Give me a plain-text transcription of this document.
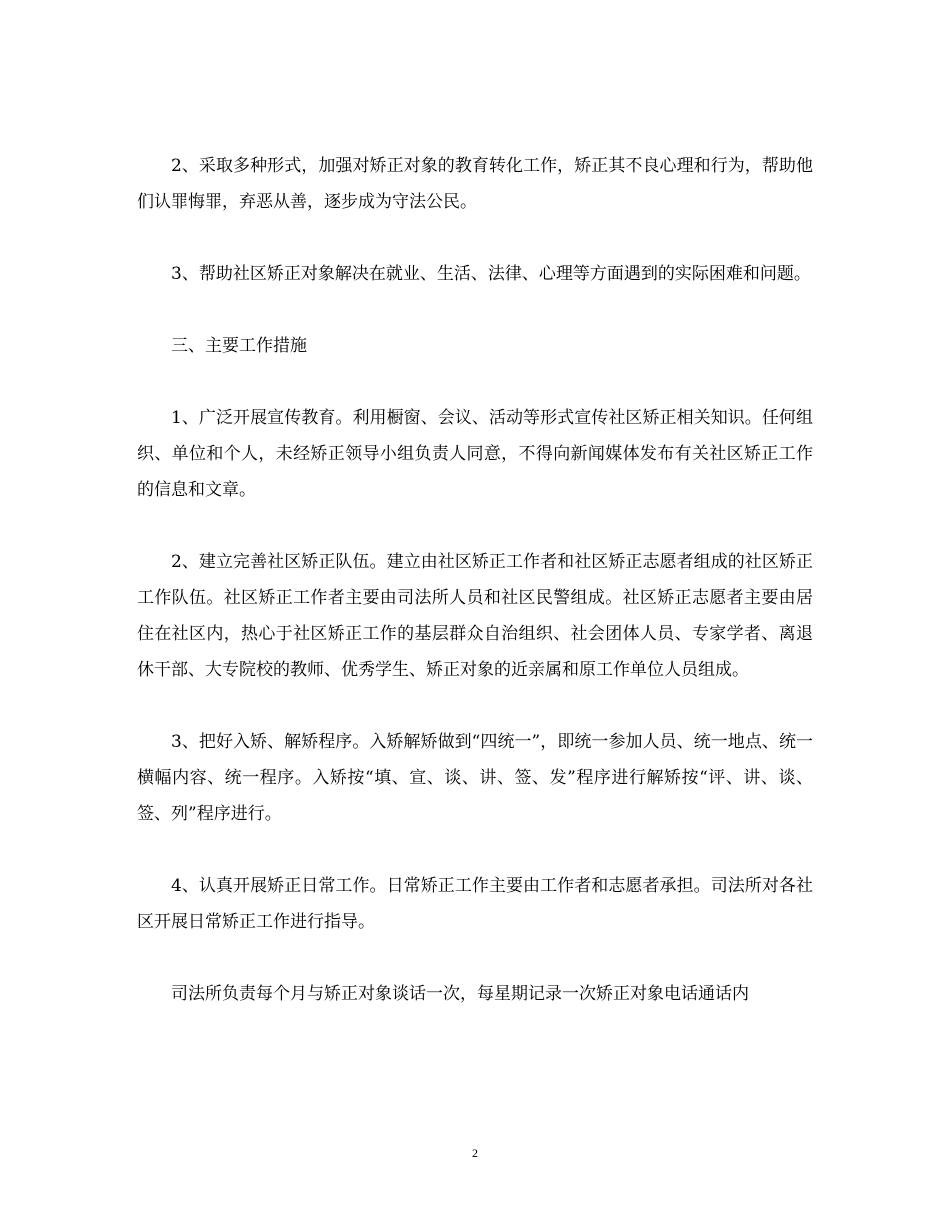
2、采取多种形式，加强对矫正对象的教育转化工作，矫正其不良心理和行为，帮助他们认罪悔罪，弃恶从善，逐步成为守法公民。

3、帮助社区矫正对象解决在就业、生活、法律、心理等方面遇到的实际困难和问题。

三、主要工作措施

1、广泛开展宣传教育。利用橱窗、会议、活动等形式宣传社区矫正相关知识。任何组织、单位和个人，未经矫正领导小组负责人同意，不得向新闻媒体发布有关社区矫正工作的信息和文章。

2、建立完善社区矫正队伍。建立由社区矫正工作者和社区矫正志愿者组成的社区矫正工作队伍。社区矫正工作者主要由司法所人员和社区民警组成。社区矫正志愿者主要由居住在社区内，热心于社区矫正工作的基层群众自治组织、社会团体人员、专家学者、离退休干部、大专院校的教师、优秀学生、矫正对象的近亲属和原工作单位人员组成。

3、把好入矫、解矫程序。入矫解矫做到“四统一”，即统一参加人员、统一地点、统一横幅内容、统一程序。入矫按“填、宣、谈、讲、签、发”程序进行解矫按“评、讲、谈、签、列”程序进行。

4、认真开展矫正日常工作。日常矫正工作主要由工作者和志愿者承担。司法所对各社区开展日常矫正工作进行指导。

司法所负责每个月与矫正对象谈话一次，每星期记录一次矫正对象电话通话内

2
